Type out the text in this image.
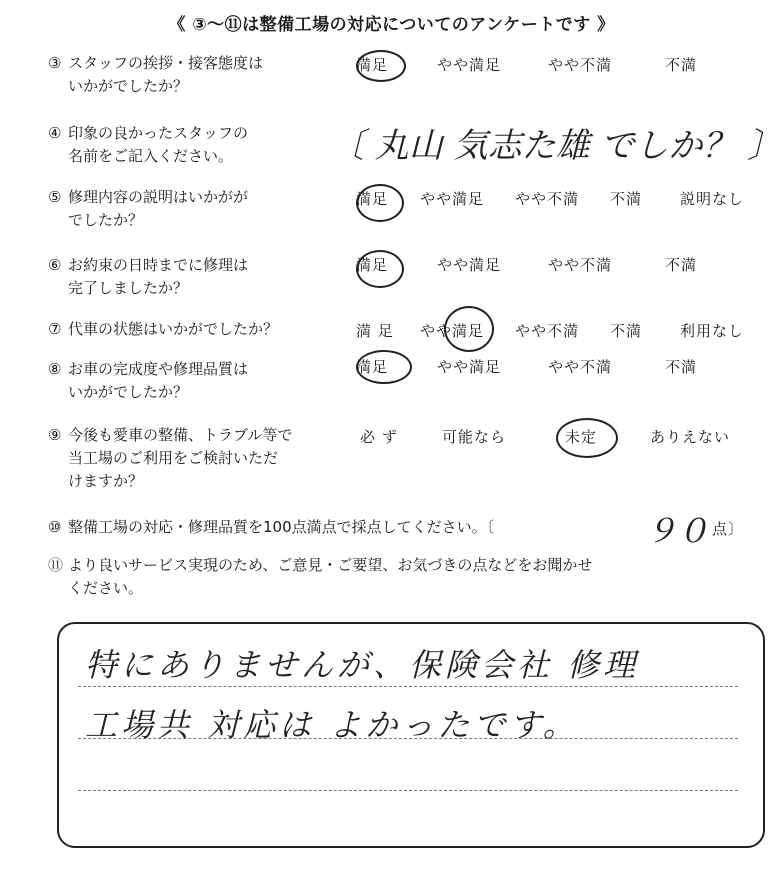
《 ③～⑪は整備工場の対応についてのアンケートです 》
③ スタッフの挨拶・接客態度は
いかがでしたか？
満足	やや満足	やや不満	不満
④ 印象の良かったスタッフの
名前をご記入ください。	〔 丸山 気志た雄 でしか？ 〕
⑤ 修理内容の説明はいかがが
でしたか？
満足 やや満足 やや不満 不満	説明なし
⑥ お約束の日時までに修理は
完了しましたか？
満足	やや満足	やや不満	不満
⑦ 代車の状態はいかがでしたか？	満 足 やや満足 やや不満 不満	利用なし
⑧ お車の完成度や修理品質は
いかがでしたか？
満足	やや満足	やや不満	不満
⑨ 今後も愛車の整備、トラブル等で
当工場のご利用をご検討いただ
けますか？
必 ず	可能なら	未定	ありえない
⑩ 整備工場の対応・修理品質を100点満点で採点してください。〔	９０ 点〕
⑪ より良いサービス実現のため、ご意見・ご要望、お気づきの点などをお聞かせ
ください。
特にありませんが、保険会社 修理
工場共 対応は よかったです。
